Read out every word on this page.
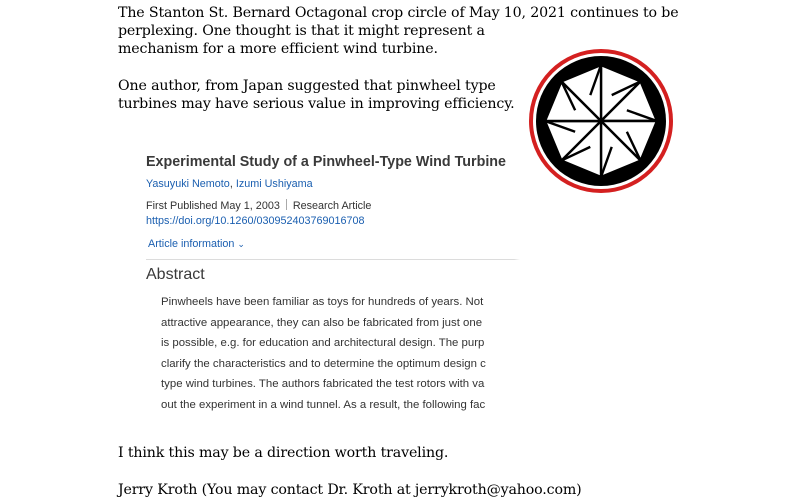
The Stanton St. Bernard Octagonal crop circle of May 10, 2021 continues to be
perplexing. One thought is that it might represent a
mechanism for a more efficient wind turbine.
One author, from Japan suggested that pinwheel type
turbines may have serious value in improving efficiency.
Experimental Study of a Pinwheel-Type Wind Turbine
Yasuyuki Nemoto, Izumi Ushiyama
First Published May 1, 2003 Research Article
https://doi.org/10.1260/030952403769016708
Article information ⌄
Abstract
Pinwheels have been familiar as toys for hundreds of years. Not
attractive appearance, they can also be fabricated from just one
is possible, e.g. for education and architectural design. The purp
clarify the characteristics and to determine the optimum design c
type wind turbines. The authors fabricated the test rotors with va
out the experiment in a wind tunnel. As a result, the following fac
I think this may be a direction worth traveling.
Jerry Kroth (You may contact Dr. Kroth at jerrykroth@yahoo.com)
